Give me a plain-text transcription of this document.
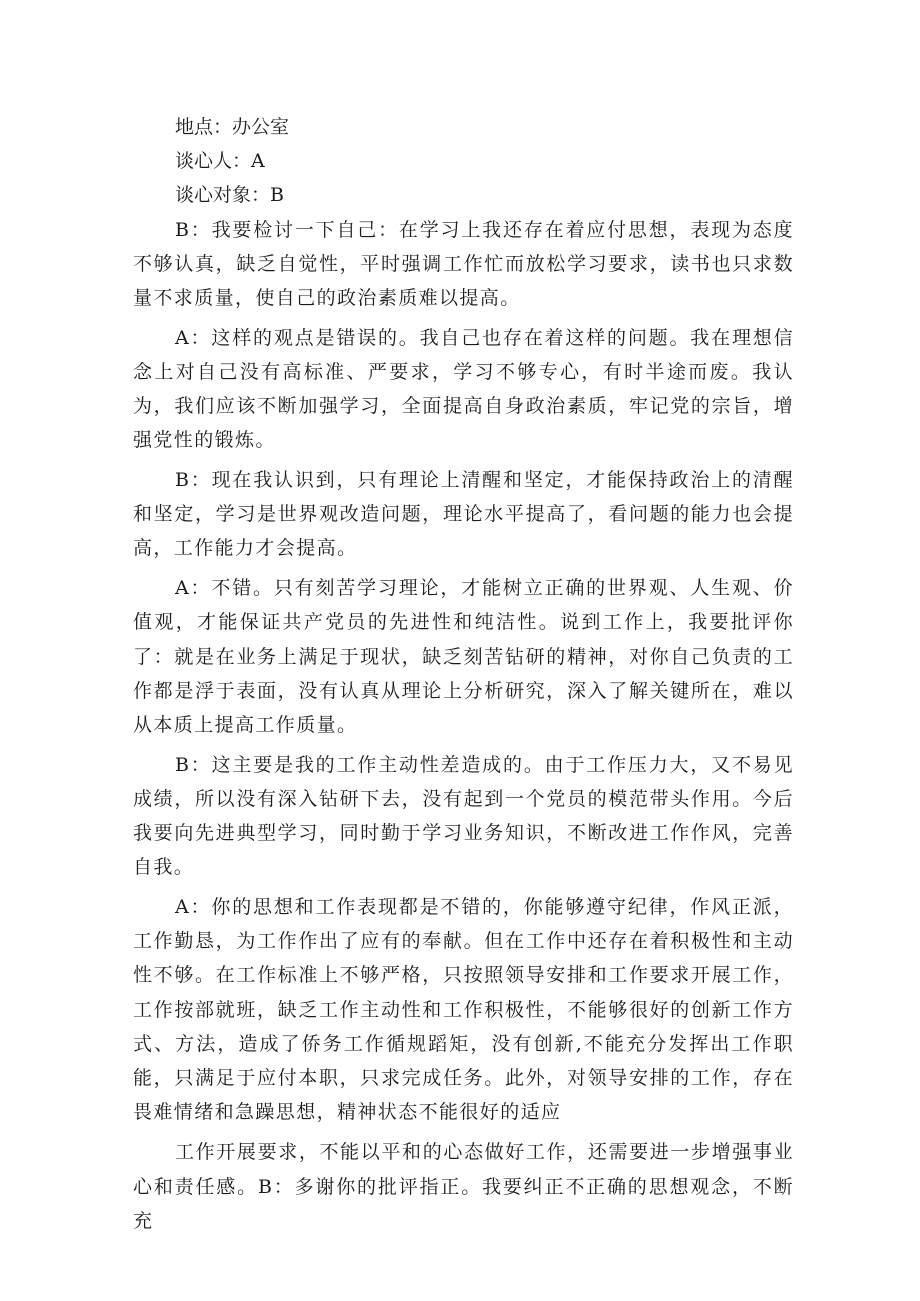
地点：办公室
谈心人：A
谈心对象：B

B：我要检讨一下自己：在学习上我还存在着应付思想，表现为态度不够认真，缺乏自觉性，平时强调工作忙而放松学习要求，读书也只求数量不求质量，使自己的政治素质难以提高。

A：这样的观点是错误的。我自己也存在着这样的问题。我在理想信念上对自己没有高标准、严要求，学习不够专心，有时半途而废。我认为，我们应该不断加强学习，全面提高自身政治素质，牢记党的宗旨，增强党性的锻炼。

B：现在我认识到，只有理论上清醒和坚定，才能保持政治上的清醒和坚定，学习是世界观改造问题，理论水平提高了，看问题的能力也会提高，工作能力才会提高。

A：不错。只有刻苦学习理论，才能树立正确的世界观、人生观、价值观，才能保证共产党员的先进性和纯洁性。说到工作上，我要批评你了：就是在业务上满足于现状，缺乏刻苦钻研的精神，对你自己负责的工作都是浮于表面，没有认真从理论上分析研究，深入了解关键所在，难以从本质上提高工作质量。

B：这主要是我的工作主动性差造成的。由于工作压力大，又不易见成绩，所以没有深入钻研下去，没有起到一个党员的模范带头作用。今后我要向先进典型学习，同时勤于学习业务知识，不断改进工作作风，完善自我。

A：你的思想和工作表现都是不错的，你能够遵守纪律，作风正派，工作勤恳，为工作作出了应有的奉献。但在工作中还存在着积极性和主动性不够。在工作标准上不够严格，只按照领导安排和工作要求开展工作，工作按部就班，缺乏工作主动性和工作积极性，不能够很好的创新工作方式、方法，造成了侨务工作循规蹈矩，没有创新,不能充分发挥出工作职能，只满足于应付本职，只求完成任务。此外，对领导安排的工作，存在畏难情绪和急躁思想，精神状态不能很好的适应

工作开展要求，不能以平和的心态做好工作，还需要进一步增强事业心和责任感。B：多谢你的批评指正。我要纠正不正确的思想观念，不断充
